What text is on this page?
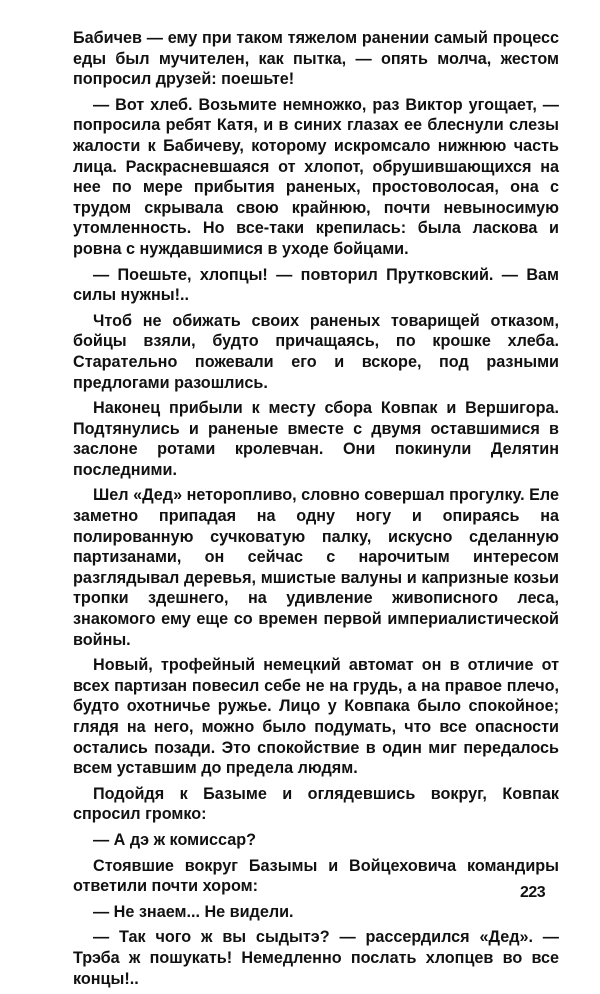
Бабичев — ему при таком тяжелом ранении самый процесс еды был мучителен, как пытка, — опять молча, жестом попросил друзей: поешьте!

— Вот хлеб. Возьмите немножко, раз Виктор угощает, — попросила ребят Катя, и в синих глазах ее блеснули слезы жалости к Бабичеву, которому искромсало нижнюю часть лица. Раскрасневшаяся от хлопот, обрушившающихся на нее по мере прибытия раненых, простоволосая, она с трудом скрывала свою крайнюю, почти невыносимую утомленность. Но все-таки крепилась: была ласкова и ровна с нуждавшимися в уходе бойцами.

— Поешьте, хлопцы! — повторил Прутковский. — Вам силы нужны!..

Чтоб не обижать своих раненых товарищей отказом, бойцы взяли, будто причащаясь, по крошке хлеба. Старательно пожевали его и вскоре, под разными предлогами разошлись.

Наконец прибыли к месту сбора Ковпак и Вершигора. Подтянулись и раненые вместе с двумя оставшимися в заслоне ротами кролевчан. Они покинули Делятин последними.

Шел «Дед» неторопливо, словно совершал прогулку. Еле заметно припадая на одну ногу и опираясь на полированную сучковатую палку, искусно сделанную партизанами, он сейчас с нарочитым интересом разглядывал деревья, мшистые валуны и капризные козьи тропки здешнего, на удивление живописного леса, знакомого ему еще со времен первой империалистической войны.

Новый, трофейный немецкий автомат он в отличие от всех партизан повесил себе не на грудь, а на правое плечо, будто охотничье ружье. Лицо у Ковпака было спокойное; глядя на него, можно было подумать, что все опасности остались позади. Это спокойствие в один миг передалось всем уставшим до предела людям.

Подойдя к Базыме и оглядевшись вокруг, Ковпак спросил громко:

— А дэ ж комиссар?

Стоявшие вокруг Базымы и Войцеховича командиры ответили почти хором:

— Не знаем... Не видели.

— Так чого ж вы сыдытэ? — рассердился «Дед». — Трэба ж пошукать! Немедленно послать хлопцев во все концы!..

223
